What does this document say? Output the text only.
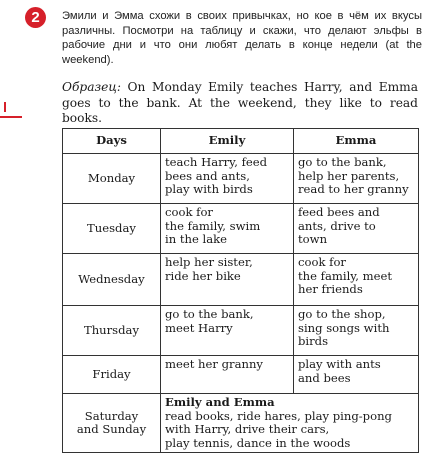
2	Эмили и Эмма схожи в своих привычках, но кое в чём их вкусы различны. Посмотри на таблицу и скажи, что делают эльфы в рабочие дни и что они любят делать в конце недели (at the weekend).
Образец: On Monday Emily teaches Harry, and Emma goes to the bank. At the weekend, they like to read books.
Days	Emily	Emma
Monday	teach Harry, feed
bees and ants,
play with birds	go to the bank,
help her parents,
read to her granny

Tuesday	cook for
the family, swim
in the lake	feed bees and
ants, drive to
town

Wednesday	help her sister,
ride her bike	cook for
the family, meet
her friends

Thursday	go to the bank,
meet Harry	go to the shop,
sing songs with
birds

Friday	meet her granny	play with ants
and bees

Saturday
and Sunday	Emily and Emma
read books, ride hares, play ping-pong
with Harry, drive their cars,
play tennis, dance in the woods	
